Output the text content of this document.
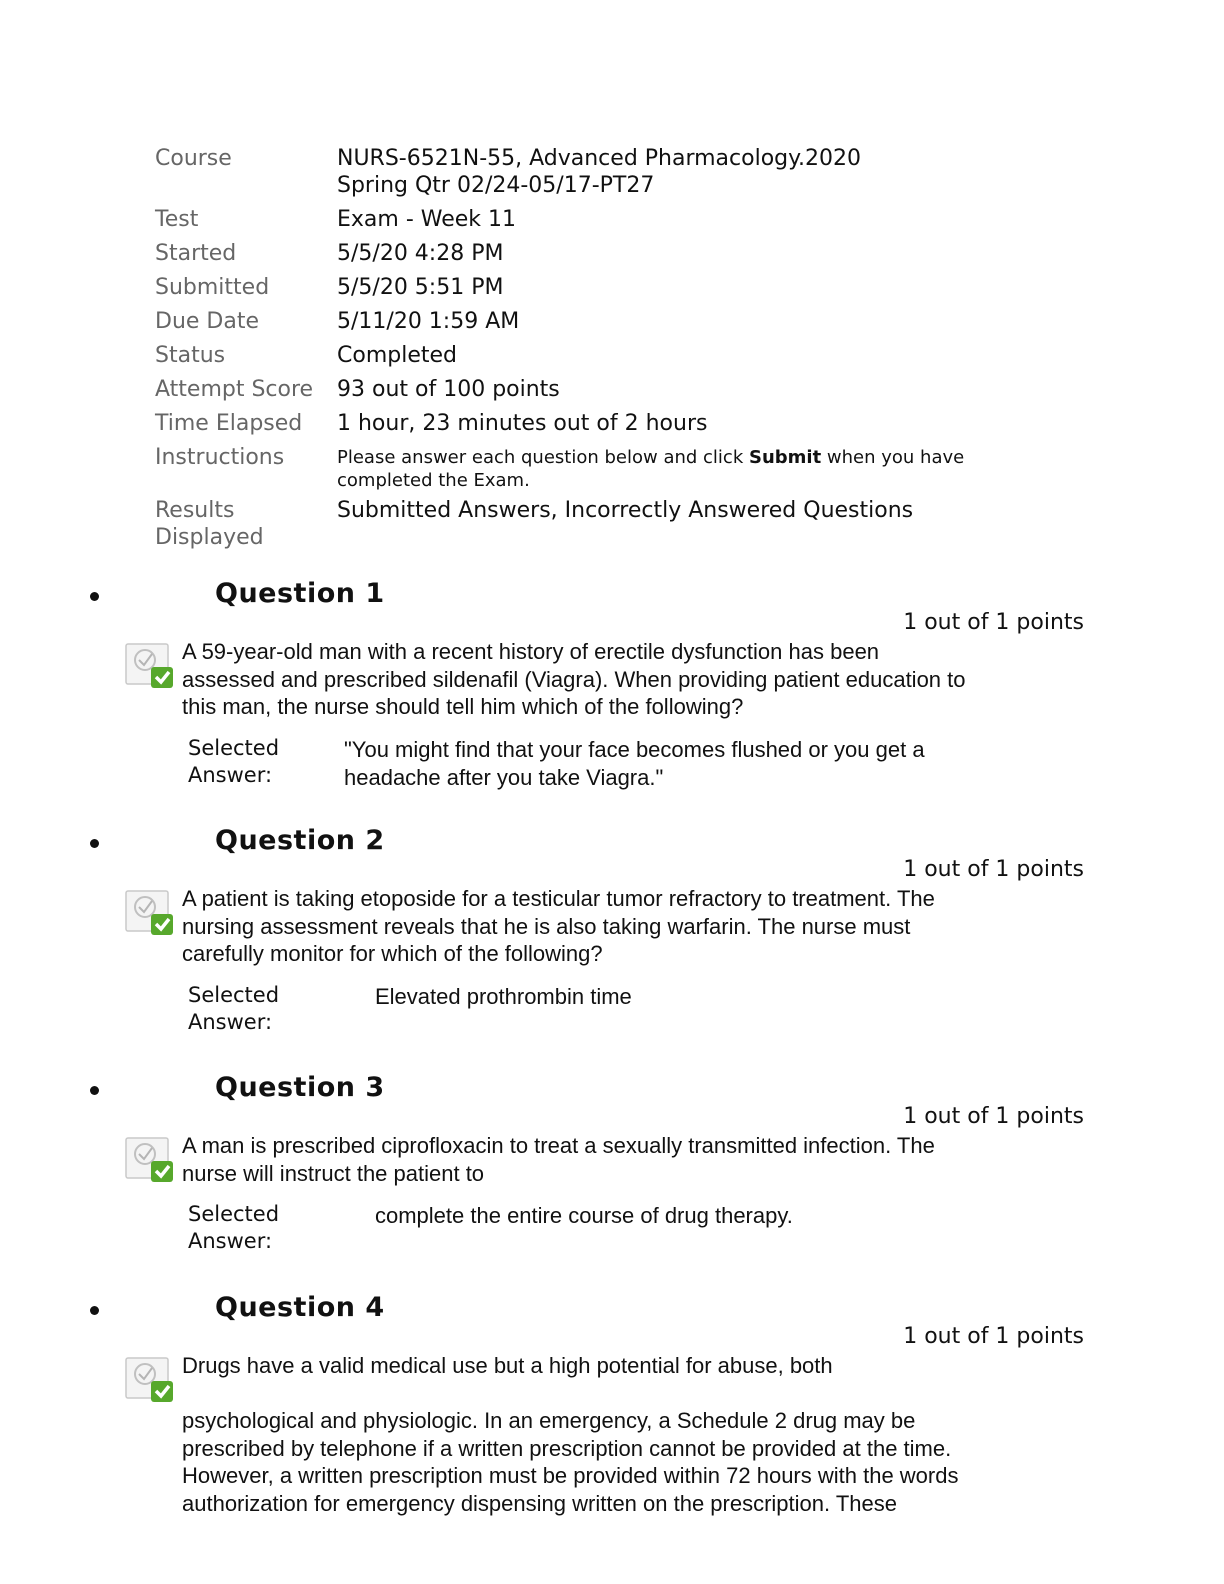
Course	NURS-6521N-55, Advanced Pharmacology.2020 Spring Qtr 02/24-05/17-PT27
Test	Exam - Week 11
Started	5/5/20 4:28 PM
Submitted	5/5/20 5:51 PM
Due Date	5/11/20 1:59 AM
Status	Completed
Attempt Score	93 out of 100 points
Time Elapsed	1 hour, 23 minutes out of 2 hours
Instructions	Please answer each question below and click Submit when you have completed the Exam.
Results Displayed	Submitted Answers, Incorrectly Answered Questions
Question 1
1 out of 1 points
A 59-year-old man with a recent history of erectile dysfunction has been
assessed and prescribed sildenafil (Viagra). When providing patient education to
this man, the nurse should tell him which of the following?
Selected Answer:
"You might find that your face becomes flushed or you get a headache after you take Viagra."
Question 2
1 out of 1 points
A patient is taking etoposide for a testicular tumor refractory to treatment. The
nursing assessment reveals that he is also taking warfarin. The nurse must
carefully monitor for which of the following?
Selected Answer:
Elevated prothrombin time
Question 3
1 out of 1 points
A man is prescribed ciprofloxacin to treat a sexually transmitted infection. The
nurse will instruct the patient to
Selected Answer:
complete the entire course of drug therapy.
Question 4
1 out of 1 points
Drugs have a valid medical use but a high potential for abuse, both

psychological and physiologic. In an emergency, a Schedule 2 drug may be
prescribed by telephone if a written prescription cannot be provided at the time.
However, a written prescription must be provided within 72 hours with the words
authorization for emergency dispensing written on the prescription. These
